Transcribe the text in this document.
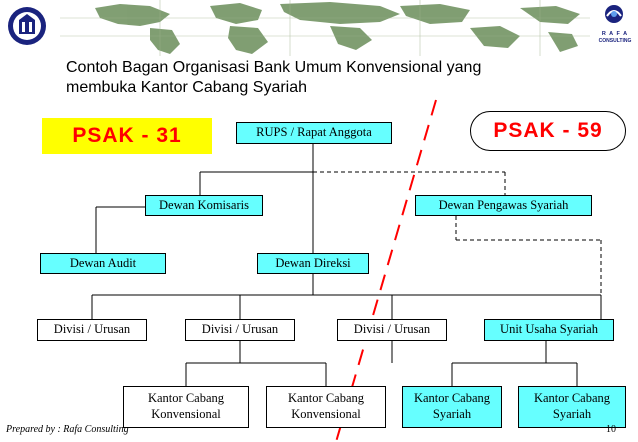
R A F A
CONSULTING
Contoh Bagan Organisasi Bank Umum Konvensional yang
membuka Kantor Cabang Syariah
PSAK - 31	PSAK - 59
RUPS / Rapat Anggota
Dewan Komisaris	Dewan Pengawas Syariah
Dewan Audit	Dewan Direksi
Divisi / Urusan	Divisi / Urusan	Divisi / Urusan	Unit Usaha Syariah
Kantor Cabang
Konvensional
Kantor Cabang
Konvensional
Kantor Cabang
Syariah
Kantor Cabang
Syariah
Prepared by : Rafa Consulting	10
